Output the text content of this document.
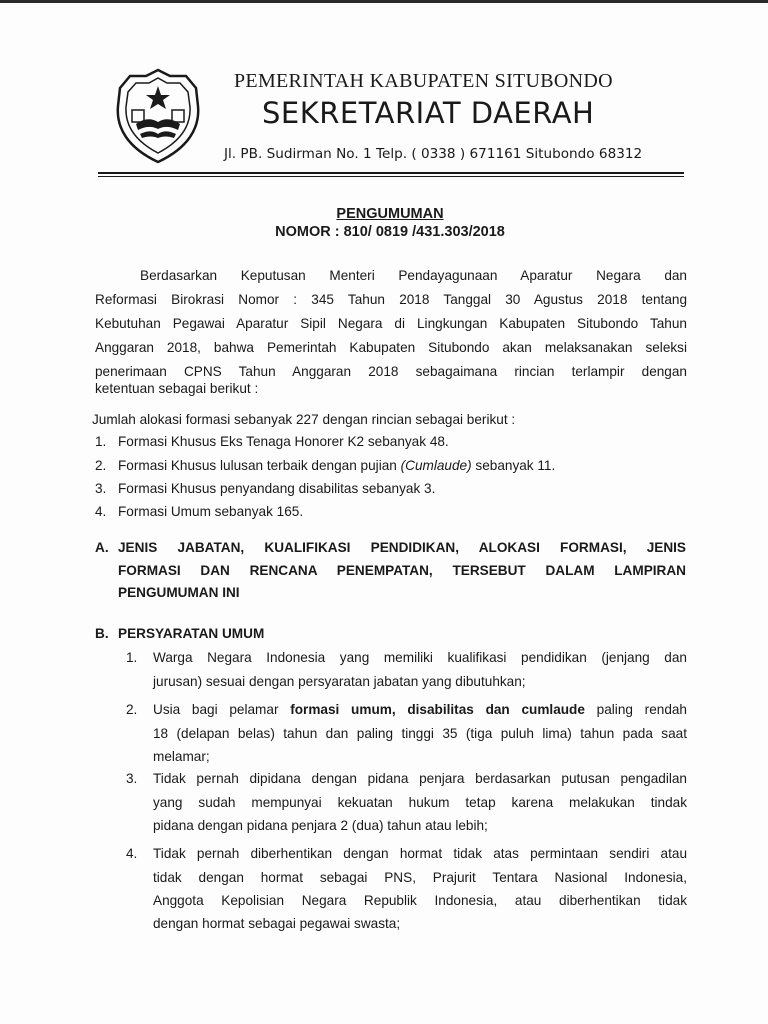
PEMERINTAH KABUPATEN SITUBONDO
SEKRETARIAT DAERAH
Jl. PB. Sudirman No. 1 Telp. ( 0338 ) 671161 Situbondo 68312
PENGUMUMAN
NOMOR : 810/ 0819 /431.303/2018
Berdasarkan Keputusan Menteri Pendayagunaan Aparatur Negara dan
Reformasi Birokrasi Nomor : 345 Tahun 2018 Tanggal 30 Agustus 2018 tentang
Kebutuhan Pegawai Aparatur Sipil Negara di Lingkungan Kabupaten Situbondo Tahun
Anggaran 2018, bahwa Pemerintah Kabupaten Situbondo akan melaksanakan seleksi
penerimaan CPNS Tahun Anggaran 2018 sebagaimana rincian terlampir dengan
ketentuan sebagai berikut :
Jumlah alokasi formasi sebanyak 227 dengan rincian sebagai berikut :
1. Formasi Khusus Eks Tenaga Honorer K2 sebanyak 48.
2. Formasi Khusus lulusan terbaik dengan pujian (Cumlaude) sebanyak 11.
3. Formasi Khusus penyandang disabilitas sebanyak 3.
4. Formasi Umum sebanyak 165.
A. JENIS JABATAN, KUALIFIKASI PENDIDIKAN, ALOKASI FORMASI, JENIS
FORMASI DAN RENCANA PENEMPATAN, TERSEBUT DALAM LAMPIRAN
PENGUMUMAN INI
B. PERSYARATAN UMUM
1. Warga Negara Indonesia yang memiliki kualifikasi pendidikan (jenjang dan
jurusan) sesuai dengan persyaratan jabatan yang dibutuhkan;
2. Usia bagi pelamar formasi umum, disabilitas dan cumlaude paling rendah
18 (delapan belas) tahun dan paling tinggi 35 (tiga puluh lima) tahun pada saat
melamar;
3. Tidak pernah dipidana dengan pidana penjara berdasarkan putusan pengadilan
yang sudah mempunyai kekuatan hukum tetap karena melakukan tindak
pidana dengan pidana penjara 2 (dua) tahun atau lebih;
4. Tidak pernah diberhentikan dengan hormat tidak atas permintaan sendiri atau
tidak dengan hormat sebagai PNS, Prajurit Tentara Nasional Indonesia,
Anggota Kepolisian Negara Republik Indonesia, atau diberhentikan tidak
dengan hormat sebagai pegawai swasta;
